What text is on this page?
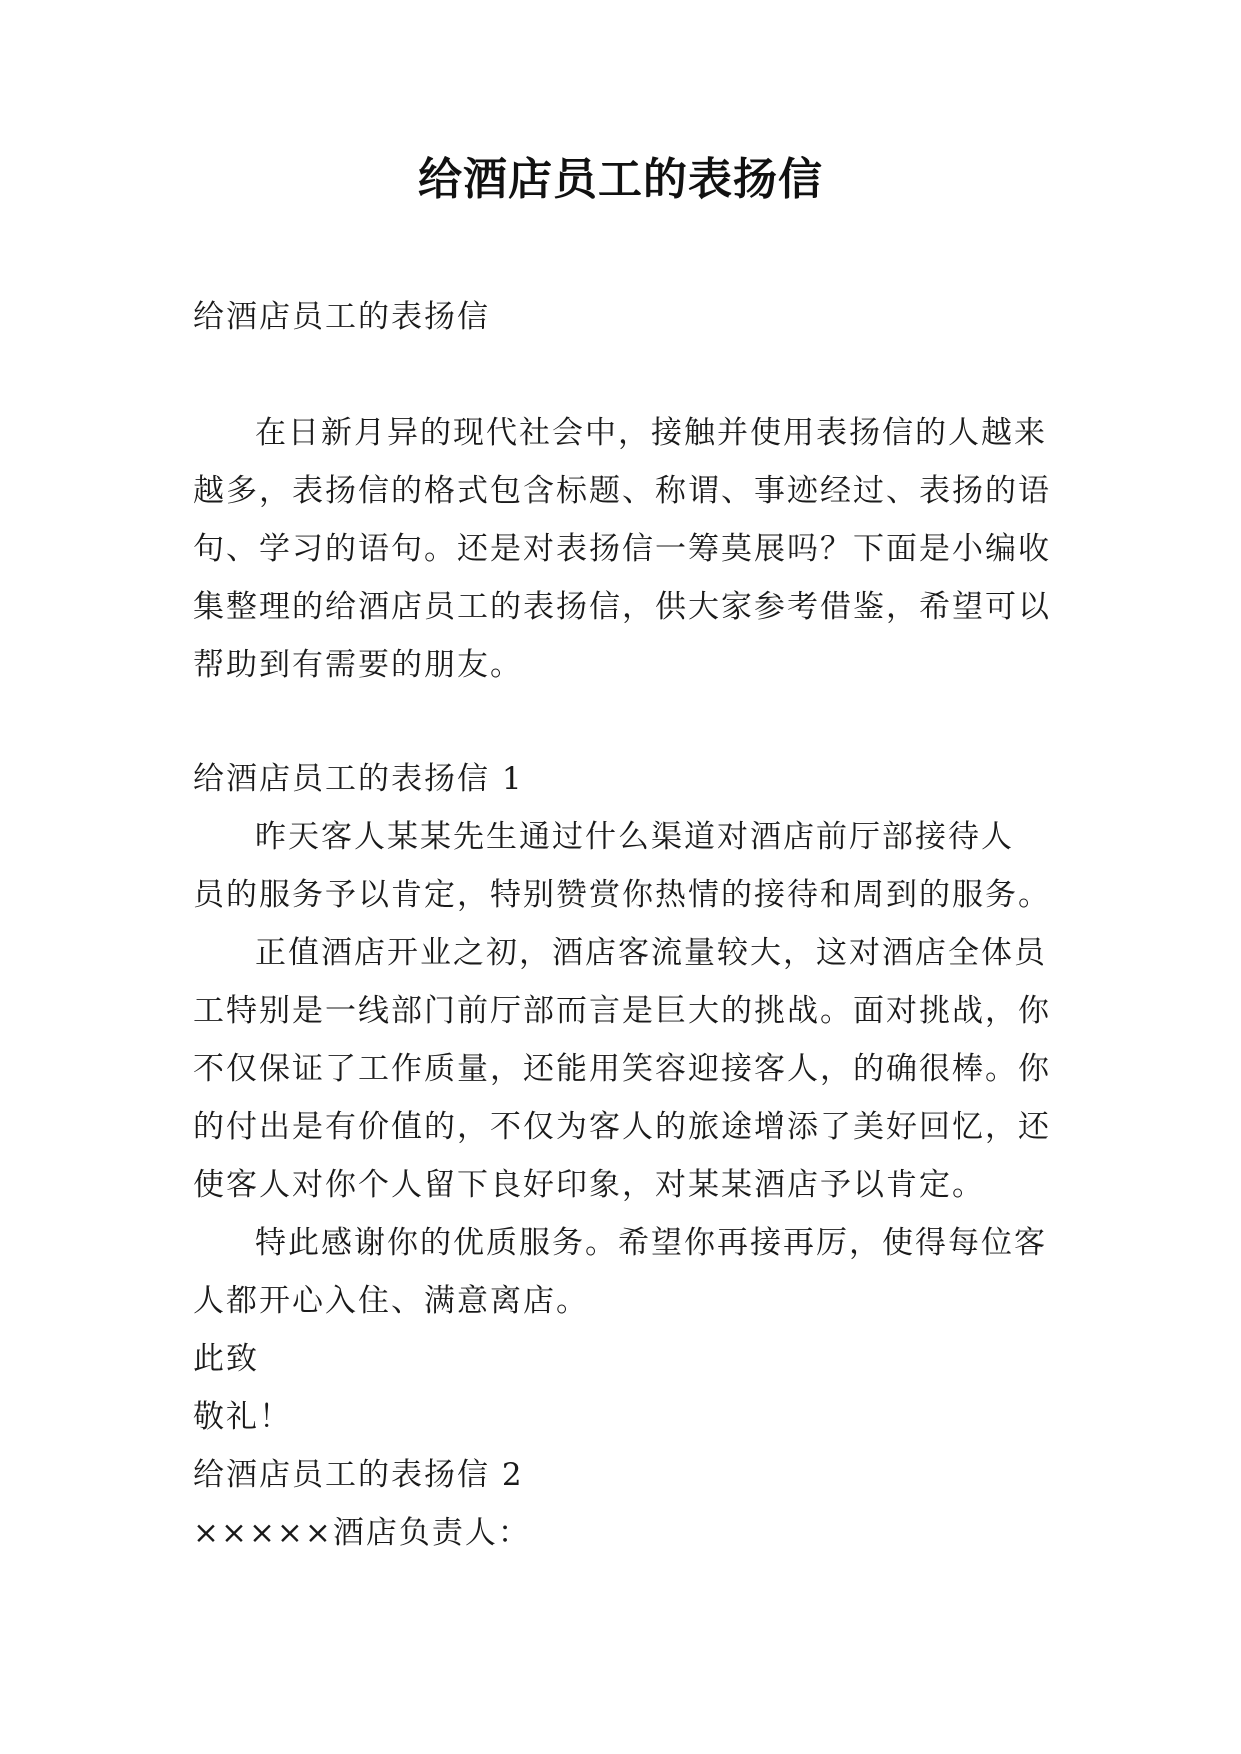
给酒店员工的表扬信
给酒店员工的表扬信
在日新月异的现代社会中，接触并使用表扬信的人越来
越多，表扬信的格式包含标题、称谓、事迹经过、表扬的语
句、学习的语句。还是对表扬信一筹莫展吗？下面是小编收
集整理的给酒店员工的表扬信，供大家参考借鉴，希望可以
帮助到有需要的朋友。
给酒店员工的表扬信 1
昨天客人某某先生通过什么渠道对酒店前厅部接待人
员的服务予以肯定，特别赞赏你热情的接待和周到的服务。
正值酒店开业之初，酒店客流量较大，这对酒店全体员
工特别是一线部门前厅部而言是巨大的挑战。面对挑战，你
不仅保证了工作质量，还能用笑容迎接客人，的确很棒。你
的付出是有价值的，不仅为客人的旅途增添了美好回忆，还
使客人对你个人留下良好印象，对某某酒店予以肯定。
特此感谢你的优质服务。希望你再接再厉，使得每位客
人都开心入住、满意离店。
此致
敬礼！
给酒店员工的表扬信 2
×××××酒店负责人：
